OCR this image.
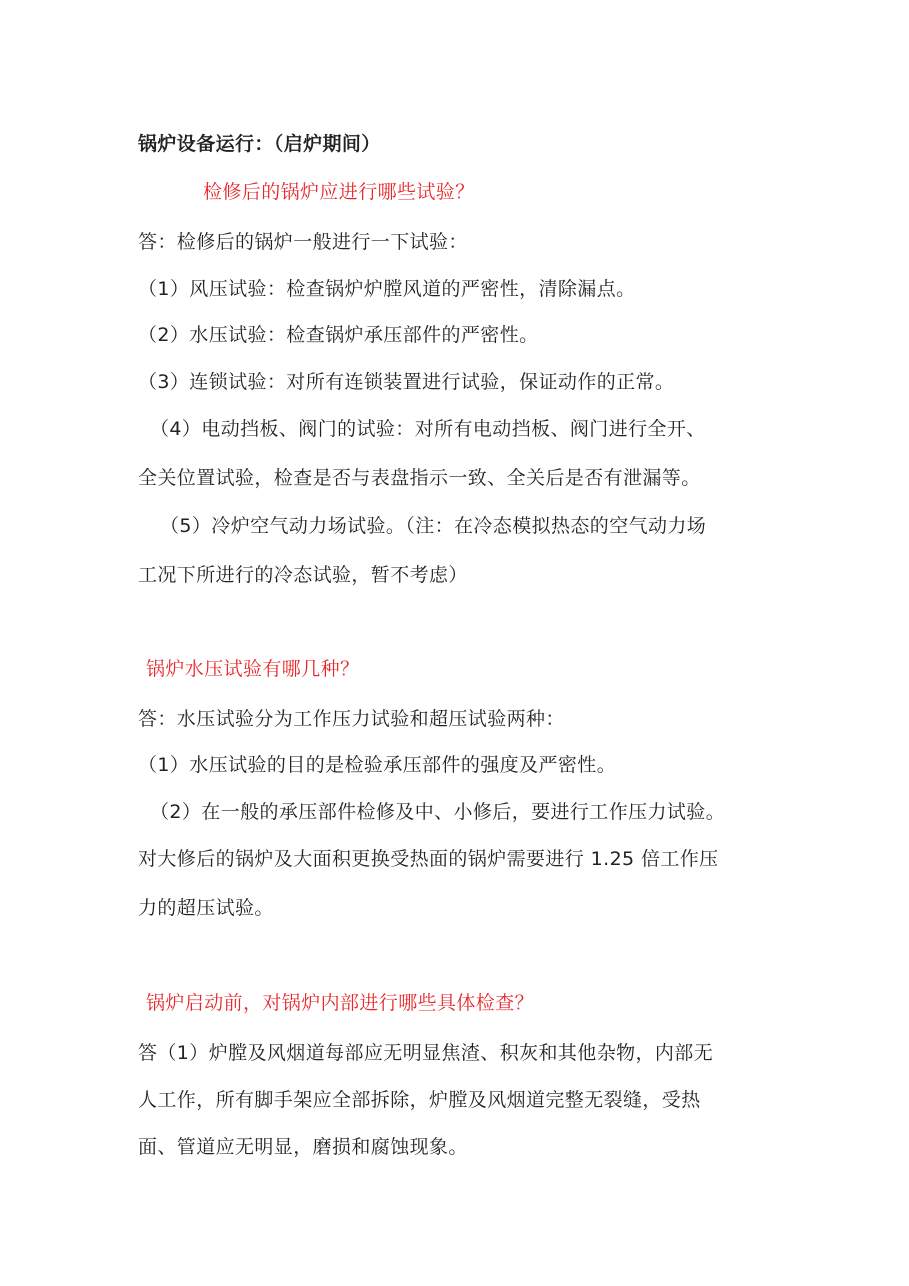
锅炉设备运行：（启炉期间）
检修后的锅炉应进行哪些试验？
答：检修后的锅炉一般进行一下试验：
（1）风压试验：检查锅炉炉膛风道的严密性，清除漏点。
（2）水压试验：检查锅炉承压部件的严密性。
（3）连锁试验：对所有连锁装置进行试验，保证动作的正常。
（4）电动挡板、阀门的试验：对所有电动挡板、阀门进行全开、
全关位置试验，检查是否与表盘指示一致、全关后是否有泄漏等。
（5）冷炉空气动力场试验。（注：在冷态模拟热态的空气动力场
工况下所进行的冷态试验，暂不考虑）
锅炉水压试验有哪几种？
答：水压试验分为工作压力试验和超压试验两种：
（1）水压试验的目的是检验承压部件的强度及严密性。
（2）在一般的承压部件检修及中、小修后，要进行工作压力试验。
对大修后的锅炉及大面积更换受热面的锅炉需要进行 1.25 倍工作压
力的超压试验。
锅炉启动前，对锅炉内部进行哪些具体检查？
答（1）炉膛及风烟道每部应无明显焦渣、积灰和其他杂物，内部无
人工作，所有脚手架应全部拆除，炉膛及风烟道完整无裂缝，受热
面、管道应无明显，磨损和腐蚀现象。
